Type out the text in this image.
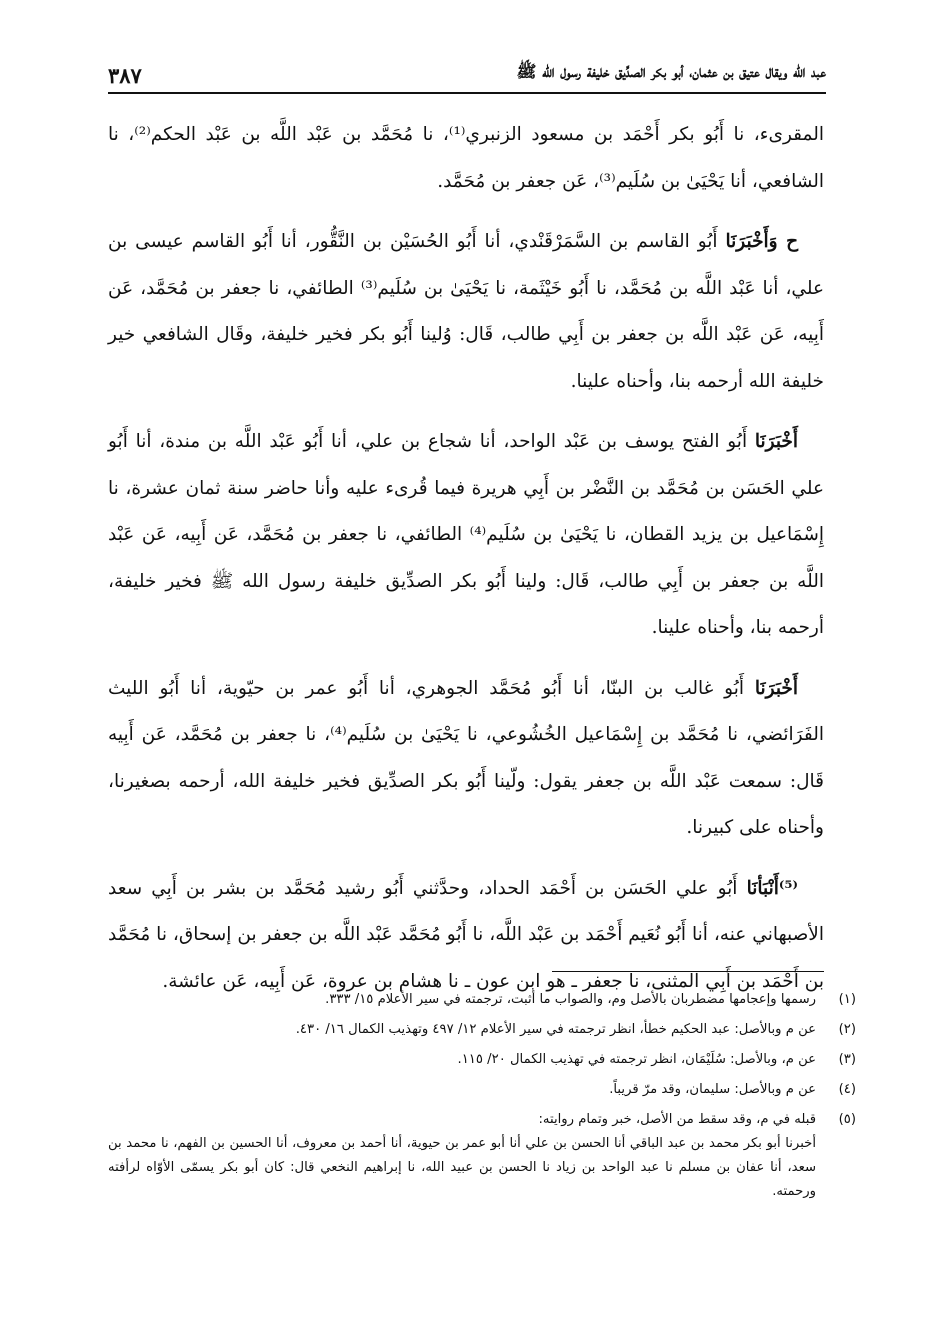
عبد الله ويقال عتيق بن عثمان، أبو بكر الصدِّيق خليفة رسول الله ﷺ
٣٨٧

المقرىء، نا أَبُو بكر أَحْمَد بن مسعود الزنبري⁽¹⁾، نا مُحَمَّد بن عَبْد اللَّه بن عَبْد الحكم⁽²⁾، نا الشافعي، أنا يَحْيَىٰ بن سُلَيم⁽³⁾، عَن جعفر بن مُحَمَّد.

ح وَأَخْبَرَنَا أَبُو القاسم بن السَّمَرْقَنْدي، أنا أَبُو الحُسَيْن بن النَّقُّور، أنا أَبُو القاسم عيسى بن علي، أنا عَبْد اللَّه بن مُحَمَّد، نا أَبُو خَيْثَمة، نا يَحْيَىٰ بن سُلَيم⁽³⁾ الطائفي، نا جعفر بن مُحَمَّد، عَن أَبِيه، عَن عَبْد اللَّه بن جعفر بن أَبِي طالب، قَال: وُلينا أَبُو بكر فخير خليفة، وقَال الشافعي خير خليفة الله أرحمه بنا، وأحناه علينا.

أَخْبَرَنَا أَبُو الفتح يوسف بن عَبْد الواحد، أنا شجاع بن علي، أنا أَبُو عَبْد اللَّه بن مندة، أنا أَبُو علي الحَسَن بن مُحَمَّد بن النَّضْر بن أَبِي هريرة فيما قُرىء عليه وأنا حاضر سنة ثمان عشرة، نا إِسْمَاعيل بن يزيد القطان، نا يَحْيَىٰ بن سُلَيم⁽⁴⁾ الطائفي، نا جعفر بن مُحَمَّد، عَن أَبِيه، عَن عَبْد اللَّه بن جعفر بن أَبِي طالب، قَال: ولينا أَبُو بكر الصدِّيق خليفة رسول الله ﷺ فخير خليفة، أرحمه بنا، وأحناه علينا.

أَخْبَرَنَا أَبُو غالب بن البنّا، أنا أَبُو مُحَمَّد الجوهري، أنا أَبُو عمر بن حيّوية، أنا أَبُو الليث الفَرَائضي، نا مُحَمَّد بن إِسْمَاعيل الخُشُوعي، نا يَحْيَىٰ بن سُلَيم⁽⁴⁾، نا جعفر بن مُحَمَّد، عَن أَبِيه قَال: سمعت عَبْد اللَّه بن جعفر يقول: ولّينا أَبُو بكر الصدِّيق فخير خليفة الله، أرحمه بصغيرنا، وأحناه على كبيرنا.

⁽⁵⁾أَنْبَأنَا أَبُو علي الحَسَن بن أَحْمَد الحداد، وحدَّثني أَبُو رشيد مُحَمَّد بن بشر بن أَبِي سعد الأصبهاني عنه، أنا أَبُو نُعَيم أَحْمَد بن عَبْد اللَّه، نا أَبُو مُحَمَّد عَبْد اللَّه بن جعفر بن إسحاق، نا مُحَمَّد بن أَحْمَد بن أَبِي المثنى، نا جعفر ـ هو ابن عون ـ نا هشام بن عروة، عَن أَبِيه، عَن عائشة.

(١)
رسمها وإعجامها مضطربان بالأصل وم، والصواب ما أثبت، ترجمته في سير الأعلام ١٥/ ٣٣٣.
(٢)
عن م وبالأصل: عبد الحكيم خطأ، انظر ترجمته في سير الأعلام ١٢/ ٤٩٧ وتهذيب الكمال ١٦/ ٤٣٠.
(٣)
عن م، وبالأصل: سُلَيْمَان، انظر ترجمته في تهذيب الكمال ٢٠/ ١١٥.
(٤)
عن م وبالأصل: سليمان، وقد مرّ قريباً.
(٥)
قبله في م، وقد سقط من الأصل، خبر وتمام روايته:
أخبرنا أبو بكر محمد بن عبد الباقي أنا الحسن بن علي أنا أبو عمر بن حيوية، أنا أحمد بن معروف، أنا الحسين بن الفهم، نا محمد بن سعد، أنا عفان بن مسلم نا عبد الواحد بن زياد نا الحسن بن عبيد الله، نا إبراهيم النخعي قال: كان أبو بكر يسمّى الأوّاه لرأفته ورحمته.
